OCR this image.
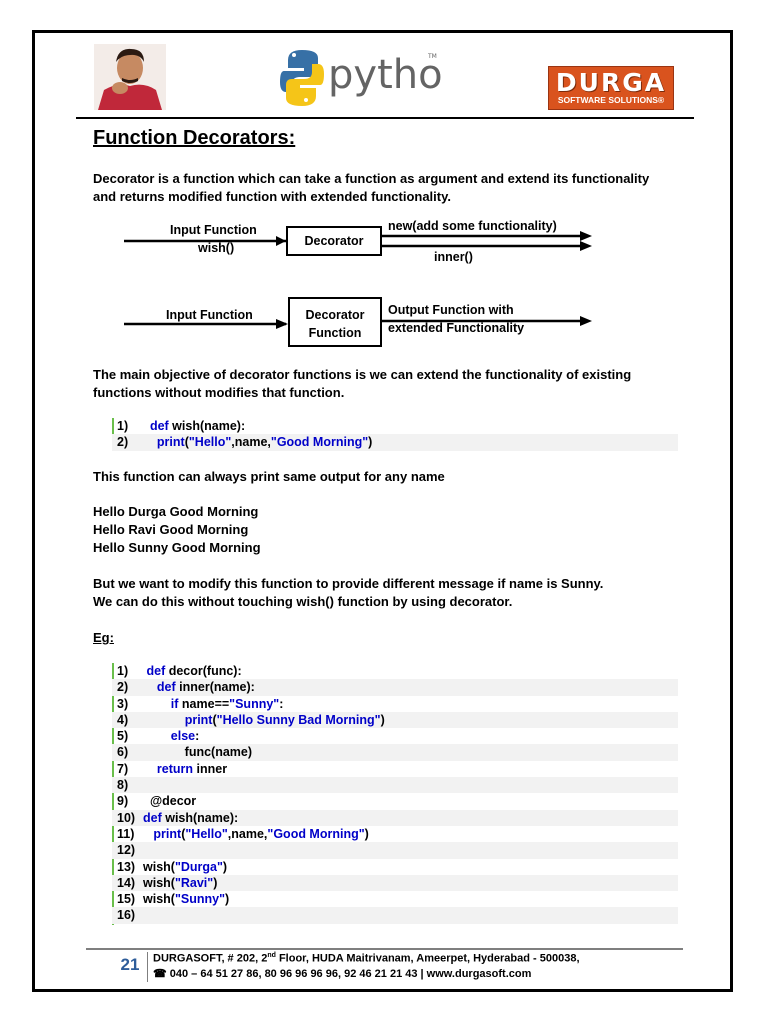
pytho
TM
DURGA
SOFTWARE SOLUTIONS®
Function Decorators:
Decorator is a function which can take a function as argument and extend its functionality
and returns modified function with extended functionality.
Input Function
wish()	Decorator
new(add some functionality)
inner()
Input Function	Decorator
Function
Output Function with
extended Functionality
The main objective of decorator functions is we can extend the functionality of existing
functions without modifies that function.
1) def wish(name):
2) print("Hello",name,"Good Morning")
This function can always print same output for any name
Hello Durga Good Morning
Hello Ravi Good Morning
Hello Sunny Good Morning
But we want to modify this function to provide different message if name is Sunny.
We can do this without touching wish() function by using decorator.
Eg:
1) def decor(func):
2) def inner(name):
3)	if name=="Sunny":
4)	print("Hello Sunny Bad Morning")
5)	else:
6)            func(name)
7) return inner
8)
9)  @decor
10) def wish(name):
11) print("Hello",name,"Good Morning")
12)
13) wish("Durga")
14) wish("Ravi")
15) wish("Sunny")
16)
21	DURGASOFT, # 202, 2nd Floor, HUDA Maitrivanam, Ameerpet, Hyderabad - 500038,
☎ 040 – 64 51 27 86, 80 96 96 96 96, 92 46 21 21 43 | www.durgasoft.com
